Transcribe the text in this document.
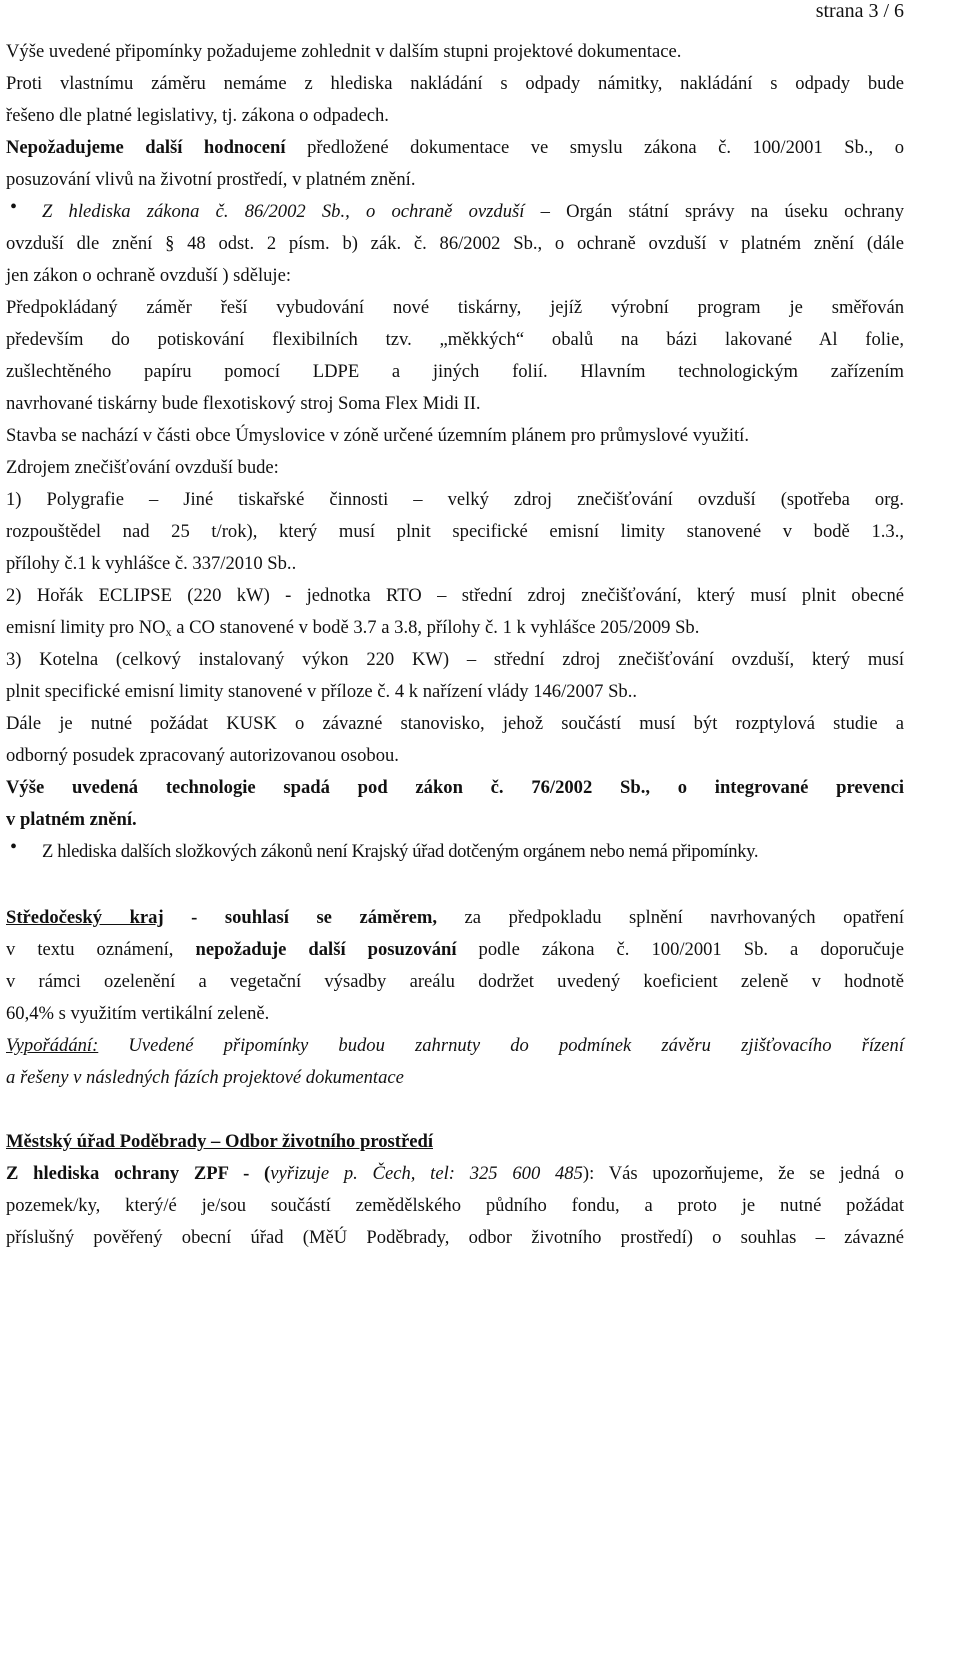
strana 3 / 6

Výše uvedené připomínky požadujeme zohlednit v dalším stupni projektové dokumentace.

Proti vlastnímu záměru nemáme z hlediska nakládání s odpady námitky, nakládání s odpady bude

řešeno dle platné legislativy, tj. zákona o odpadech.

Nepožadujeme další hodnocení předložené dokumentace ve smyslu zákona č. 100/2001 Sb., o

posuzování vlivů na životní prostředí, v platném znění.

• Z hlediska zákona č. 86/2002 Sb., o ochraně ovzduší – Orgán státní správy na úseku ochrany

ovzduší dle znění § 48 odst. 2 písm. b) zák. č. 86/2002 Sb., o ochraně ovzduší v platném znění (dále

jen zákon o ochraně ovzduší ) sděluje:

Předpokládaný záměr řeší vybudování nové tiskárny, jejíž výrobní program je směřován

především do potiskování flexibilních tzv. „měkkých“ obalů na bázi lakované Al folie,

zušlechtěného papíru pomocí LDPE a jiných folií. Hlavním technologickým zařízením

navrhované tiskárny bude flexotiskový stroj Soma Flex Midi II.

Stavba se nachází v části obce Úmyslovice v zóně určené územním plánem pro průmyslové využití.

Zdrojem znečišťování ovzduší bude:

1) Polygrafie – Jiné tiskařské činnosti – velký zdroj znečišťování ovzduší (spotřeba org.

rozpouštědel nad 25 t/rok), který musí plnit specifické emisní limity stanovené v bodě 1.3.,

přílohy č.1 k vyhlášce č. 337/2010 Sb..

2) Hořák ECLIPSE (220 kW) - jednotka RTO – střední zdroj znečišťování, který musí plnit obecné

emisní limity pro $NO_x$ a CO stanovené v bodě 3.7 a 3.8, přílohy č. 1 k vyhlášce 205/2009 Sb.

3) Kotelna (celkový instalovaný výkon 220 KW) – střední zdroj znečišťování ovzduší, který musí

plnit specifické emisní limity stanovené v příloze č. 4 k nařízení vlády 146/2007 Sb..

Dále je nutné požádat KUSK o závazné stanovisko, jehož součástí musí být rozptylová studie a

odborný posudek zpracovaný autorizovanou osobou.

Výše uvedená technologie spadá pod zákon č. 76/2002 Sb., o integrované prevenci

v platném znění.

• Z hlediska dalších složkových zákonů není Krajský úřad dotčeným orgánem nebo nemá připomínky.

Středočeský kraj - souhlasí se záměrem, za předpokladu splnění navrhovaných opatření

v textu oznámení, nepožaduje další posuzování podle zákona č. 100/2001 Sb. a doporučuje

v rámci ozelenění a vegetační výsadby areálu dodržet uvedený koeficient zeleně v hodnotě

60,4% s využitím vertikální zeleně.

Vypořádání: Uvedené připomínky budou zahrnuty do podmínek závěru zjišťovacího řízení

a řešeny v následných fázích projektové dokumentace

Městský úřad Poděbrady – Odbor životního prostředí

Z hlediska ochrany ZPF - (vyřizuje p. Čech, tel: 325 600 485): Vás upozorňujeme, že se jedná o

pozemek/ky, který/é je/sou součástí zemědělského půdního fondu, a proto je nutné požádat

příslušný pověřený obecní úřad (MěÚ Poděbrady, odbor životního prostředí) o souhlas – závazné
